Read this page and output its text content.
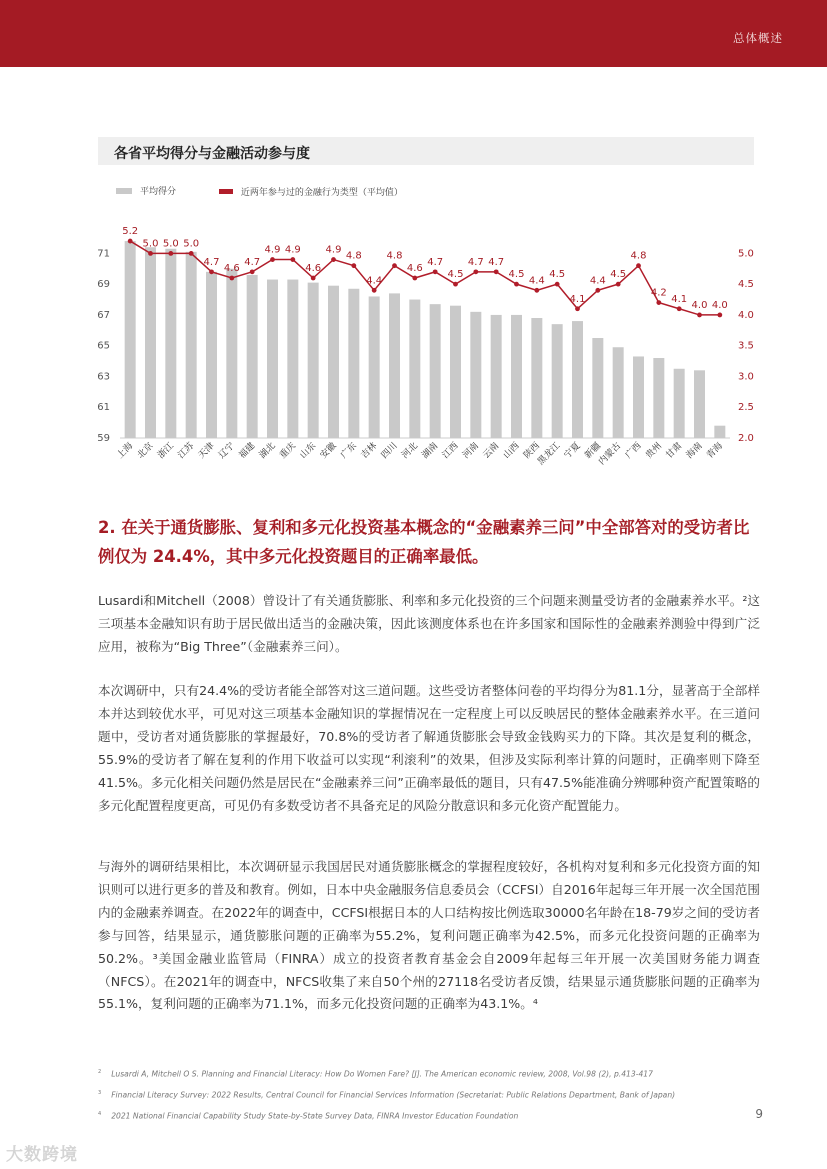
总体概述
各省平均得分与金融活动参与度
平均得分
	近两年参与过的金融行为类型（平均值）
59
61
63
65
67
69
71
2.0
2.5
3.0
3.5
4.0
4.5
5.0
5.2
5.0 5.0 5.0
4.7
4.6
4.7
4.9 4.9
4.6
4.9
4.8
4.4
4.8
4.6
4.7
4.5
4.7 4.7
4.5
4.4
4.5
4.1
4.4
4.5
4.8
4.2
4.1
4.0 4.0
上海 北京 浙江 江苏 天津 辽宁 福建 湖北 重庆 山东 安徽 广东 吉林 四川 河北 湖南 江西 河南 云南 山西 陕西
黑龙江 宁夏 新疆
内蒙古 广西 贵州 甘肃 海南 青海
2. 在关于通货膨胀、复利和多元化投资基本概念的“金融素养三问”中全部答对的受访者比例仅为 24.4%，其中多元化投资题目的正确率最低。

Lusardi和Mitchell（2008）曾设计了有关通货膨胀、利率和多元化投资的三个问题来测量受访者的金融素养水平。²这三项基本金融知识有助于居民做出适当的金融决策，因此该测度体系也在许多国家和国际性的金融素养测验中得到广泛应用，被称为“Big Three”（金融素养三问）。

本次调研中，只有24.4%的受访者能全部答对这三道问题。这些受访者整体问卷的平均得分为81.1分，显著高于全部样本并达到较优水平，可见对这三项基本金融知识的掌握情况在一定程度上可以反映居民的整体金融素养水平。在三道问题中，受访者对通货膨胀的掌握最好，70.8%的受访者了解通货膨胀会导致金钱购买力的下降。其次是复利的概念，55.9%的受访者了解在复利的作用下收益可以实现“利滚利”的效果，但涉及实际利率计算的问题时，正确率则下降至41.5%。多元化相关问题仍然是居民在“金融素养三问”正确率最低的题目，只有47.5%能准确分辨哪种资产配置策略的多元化配置程度更高，可见仍有多数受访者不具备充足的风险分散意识和多元化资产配置能力。

与海外的调研结果相比，本次调研显示我国居民对通货膨胀概念的掌握程度较好，各机构对复利和多元化投资方面的知识则可以进行更多的普及和教育。例如，日本中央金融服务信息委员会（CCFSI）自2016年起每三年开展一次全国范围内的金融素养调查。在2022年的调查中，CCFSI根据日本的人口结构按比例选取30000名年龄在18-79岁之间的受访者参与回答，结果显示，通货膨胀问题的正确率为55.2%，复利问题正确率为42.5%，而多元化投资问题的正确率为50.2%。³美国金融业监管局（FINRA）成立的投资者教育基金会自2009年起每三年开展一次美国财务能力调查（NFCS）。在2021年的调查中，NFCS收集了来自50个州的27118名受访者反馈，结果显示通货膨胀问题的正确率为55.1%，复利问题的正确率为71.1%，而多元化投资问题的正确率为43.1%。⁴

$^2$ Lusardi A, Mitchell O S. Planning and Financial Literacy: How Do Women Fare? [J]. The American economic review, 2008, Vol.98 (2), p.413-417
$^3$ Financial Literacy Survey: 2022 Results, Central Council for Financial Services Information (Secretariat: Public Relations Department, Bank of Japan)
$^4$ 2021 National Financial Capability Study State-by-State Survey Data, FINRA Investor Education Foundation	9
大数跨境
